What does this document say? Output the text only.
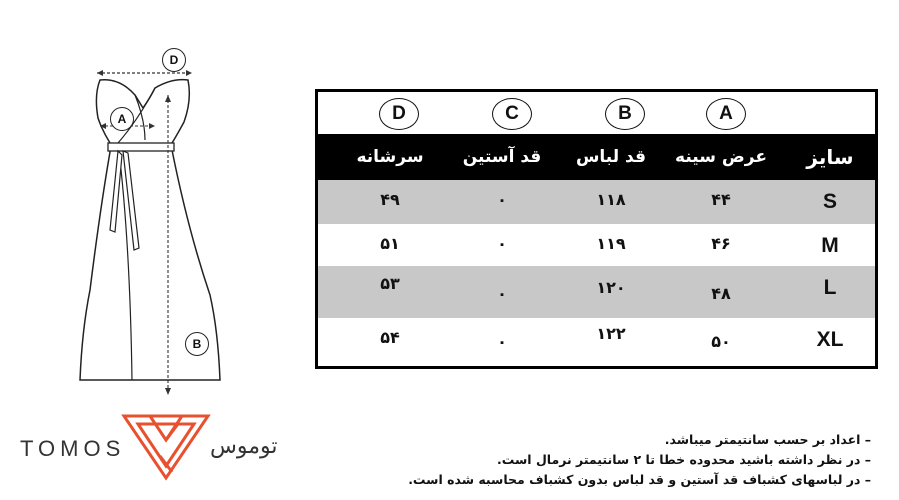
D
A
B
A
B
C
D
سایز
عرض سینه
قد لباس
قد آستین
سرشانه
S
۴۴
۱۱۸
۰
۴۹
M
۴۶
۱۱۹
۰
۵۱
L
۴۸
۱۲۰
۰
۵۳
XL
۵۰
۱۲۲
۰
۵۴
TOMOS	توموس	– اعداد بر حسب سانتیمتر میباشد.
– در نظر داشته باشید محدوده خطا تا ۲ سانتیمتر نرمال است.
– در لباسهای کشباف قد آستین و قد لباس بدون کشباف محاسبه شده است.
